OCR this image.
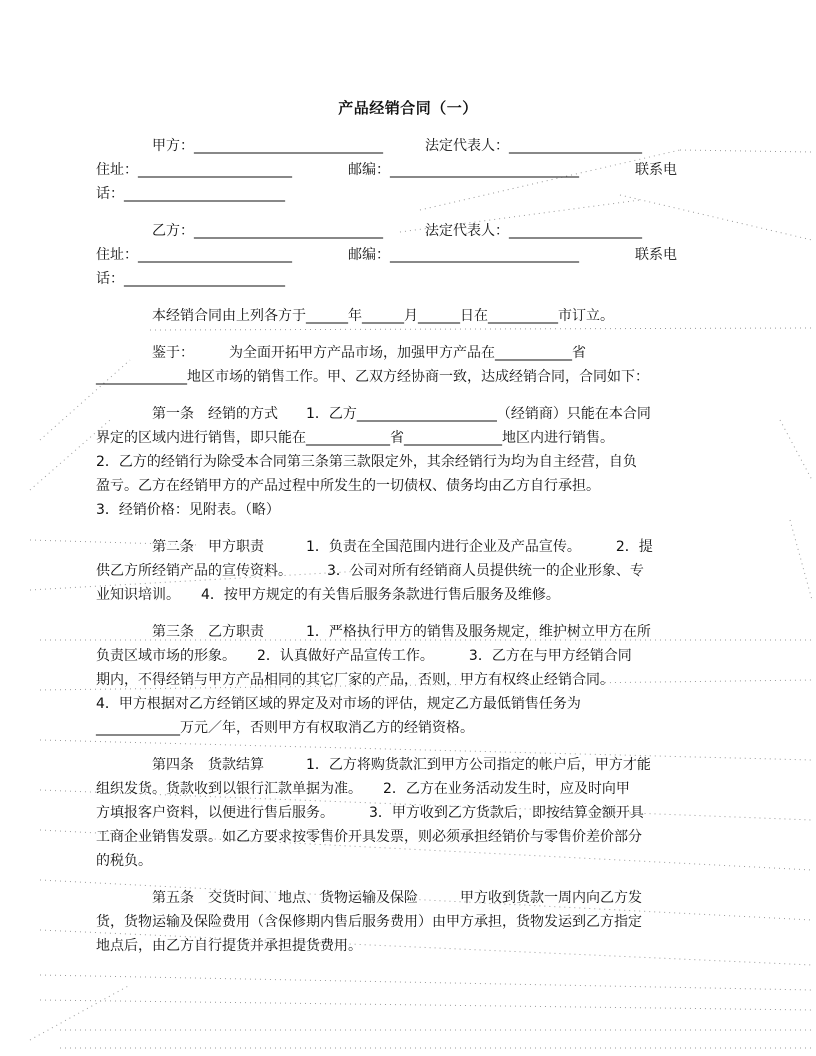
产品经销合同（一）
　　　　甲方：___________________________　　　法定代表人：___________________
住址：______________________　　　　邮编：___________________________　　　　联系电
话：_______________________
　　　　乙方：___________________________　　　法定代表人：___________________
住址：______________________　　　　邮编：___________________________　　　　联系电
话：_______________________
　　　　本经销合同由上列各方于______年______月______日在__________市订立。
　　　　鉴于：　　　为全面开拓甲方产品市场，加强甲方产品在___________省
_____________地区市场的销售工作。甲、乙双方经协商一致，达成经销合同，合同如下：
　　　　第一条　经销的方式　　1．乙方____________________（经销商）只能在本合同
界定的区域内进行销售，即只能在____________省______________地区内进行销售。
2．乙方的经销行为除受本合同第三条第三款限定外，其余经销行为均为自主经营，自负
盈亏。乙方在经销甲方的产品过程中所发生的一切债权、债务均由乙方自行承担。
3．经销价格：见附表。（略）
　　　　第二条　甲方职责　　　1．负责在全国范围内进行企业及产品宣传。　　　2．提
供乙方所经销产品的宣传资料。　　　3．公司对所有经销商人员提供统一的企业形象、专
业知识培训。　　4．按甲方规定的有关售后服务条款进行售后服务及维修。
　　　　第三条　乙方职责　　　1．严格执行甲方的销售及服务规定，维护树立甲方在所
负责区域市场的形象。　　2．认真做好产品宣传工作。　　　3．乙方在与甲方经销合同
期内，不得经销与甲方产品相同的其它厂家的产品，否则，甲方有权终止经销合同。
4．甲方根据对乙方经销区域的界定及对市场的评估，规定乙方最低销售任务为
____________万元／年，否则甲方有权取消乙方的经销资格。
　　　　第四条　货款结算　　　1．乙方将购货款汇到甲方公司指定的帐户后，甲方才能
组织发货。货款收到以银行汇款单据为准。　　2．乙方在业务活动发生时，应及时向甲
方填报客户资料，以便进行售后服务。　　　3．甲方收到乙方货款后，即按结算金额开具
工商企业销售发票。如乙方要求按零售价开具发票，则必须承担经销价与零售价差价部分
的税负。
　　　　第五条　交货时间、地点、货物运输及保险　　　甲方收到货款一周内向乙方发
货，货物运输及保险费用（含保修期内售后服务费用）由甲方承担，货物发运到乙方指定
地点后，由乙方自行提货并承担提货费用。
